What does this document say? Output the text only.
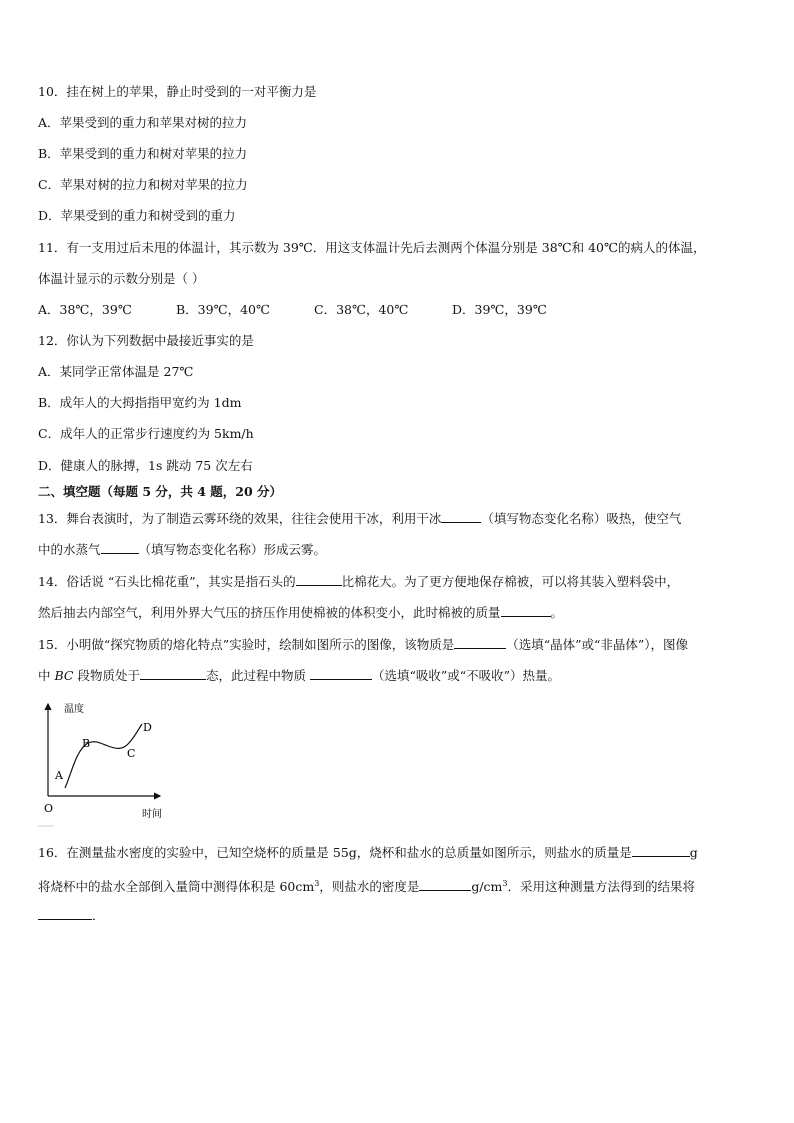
10．挂在树上的苹果，静止时受到的一对平衡力是
A．苹果受到的重力和苹果对树的拉力
B．苹果受到的重力和树对苹果的拉力
C．苹果对树的拉力和树对苹果的拉力
D．苹果受到的重力和树受到的重力
11．有一支用过后未甩的体温计，其示数为 39℃．用这支体温计先后去测两个体温分别是 38℃和 40℃的病人的体温，
体温计显示的示数分别是（ ）
A．38℃，39℃	B．39℃，40℃	C．38℃，40℃	D．39℃，39℃
12．你认为下列数据中最接近事实的是
A．某同学正常体温是 27℃
B．成年人的大拇指指甲宽约为 1dm
C．成年人的正常步行速度约为 5km/h
D．健康人的脉搏，1s 跳动 75 次左右
二、填空题（每题 5 分，共 4 题，20 分）
13．舞台表演时，为了制造云雾环绕的效果，往往会使用干冰，利用干冰	（填写物态变化名称）吸热，使空气
中的水蒸气	（填写物态变化名称）形成云雾。
14．俗话说 “石头比棉花重”，其实是指石头的	比棉花大。为了更方便地保存棉被，可以将其装入塑料袋中，
然后抽去内部空气，利用外界大气压的挤压作用使棉被的体积变小，此时棉被的质量	。
15．小明做“探究物质的熔化特点”实验时，绘制如图所示的图像，该物质是	（选填“晶体”或“非晶体”），图像
中 BC 段物质处于	态，此过程中物质	（选填“吸收”或“不吸收”）热量。
温度
时间
O
A
B
C
D
16．在测量盐水密度的实验中，已知空烧杯的质量是 55g，烧杯和盐水的总质量如图所示，则盐水的质量是	g
将烧杯中的盐水全部倒入量筒中测得体积是 $60cm^3$，则盐水的密度是	$g/cm^3$．采用这种测量方法得到的结果将
．
